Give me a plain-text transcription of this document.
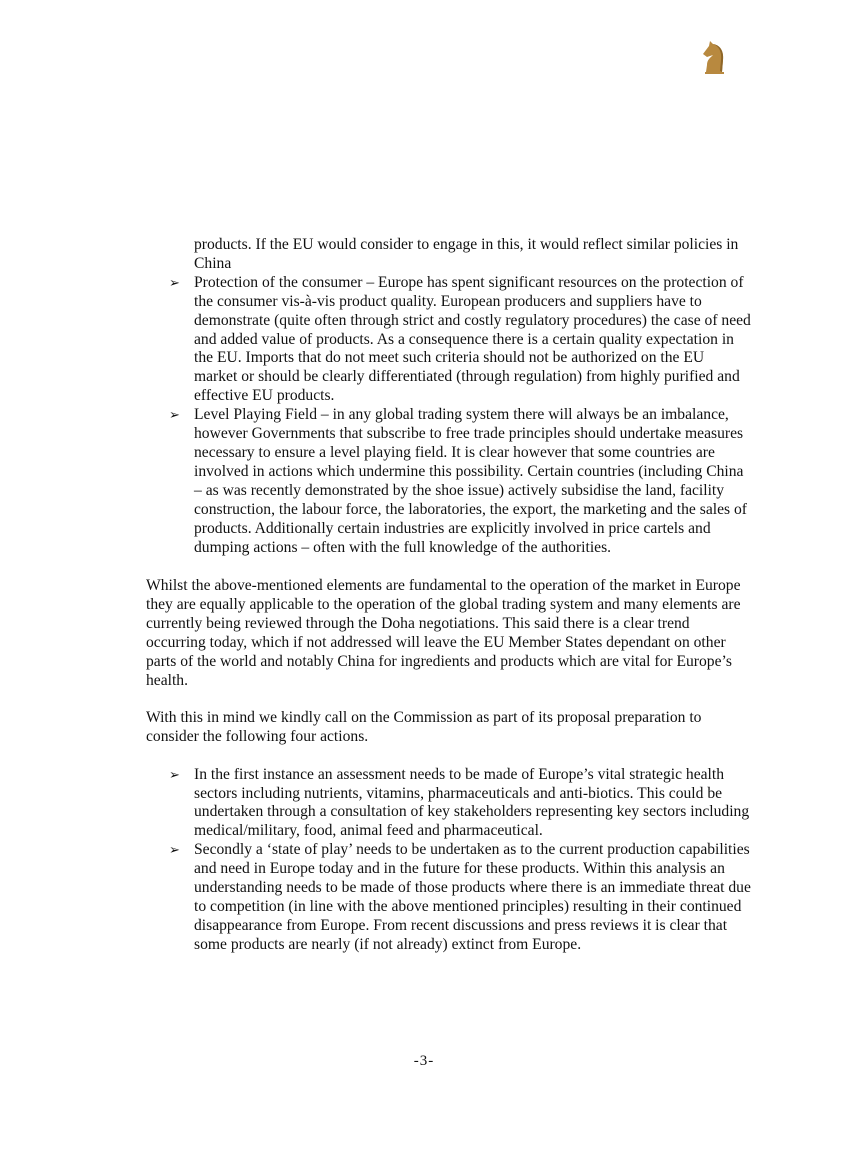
products. If the EU would consider to engage in this, it would reflect similar policies in China
➢ Protection of the consumer – Europe has spent significant resources on the protection of the consumer vis-à-vis product quality. European producers and suppliers have to demonstrate (quite often through strict and costly regulatory procedures) the case of need and added value of products. As a consequence there is a certain quality expectation in the EU. Imports that do not meet such criteria should not be authorized on the EU market or should be clearly differentiated (through regulation) from highly purified and effective EU products.
➢ Level Playing Field – in any global trading system there will always be an imbalance, however Governments that subscribe to free trade principles should undertake measures necessary to ensure a level playing field. It is clear however that some countries are involved in actions which undermine this possibility. Certain countries (including China – as was recently demonstrated by the shoe issue) actively subsidise the land, facility construction, the labour force, the laboratories, the export, the marketing and the sales of products. Additionally certain industries are explicitly involved in price cartels and dumping actions – often with the full knowledge of the authorities.

Whilst the above-mentioned elements are fundamental to the operation of the market in Europe they are equally applicable to the operation of the global trading system and many elements are currently being reviewed through the Doha negotiations. This said there is a clear trend occurring today, which if not addressed will leave the EU Member States dependant on other parts of the world and notably China for ingredients and products which are vital for Europe’s health.

With this in mind we kindly call on the Commission as part of its proposal preparation to consider the following four actions.

➢ In the first instance an assessment needs to be made of Europe’s vital strategic health sectors including nutrients, vitamins, pharmaceuticals and anti-biotics. This could be undertaken through a consultation of key stakeholders representing key sectors including medical/military, food, animal feed and pharmaceutical.
➢ Secondly a ‘state of play’ needs to be undertaken as to the current production capabilities and need in Europe today and in the future for these products. Within this analysis an understanding needs to be made of those products where there is an immediate threat due to competition (in line with the above mentioned principles) resulting in their continued disappearance from Europe. From recent discussions and press reviews it is clear that some products are nearly (if not already) extinct from Europe.
-3-
